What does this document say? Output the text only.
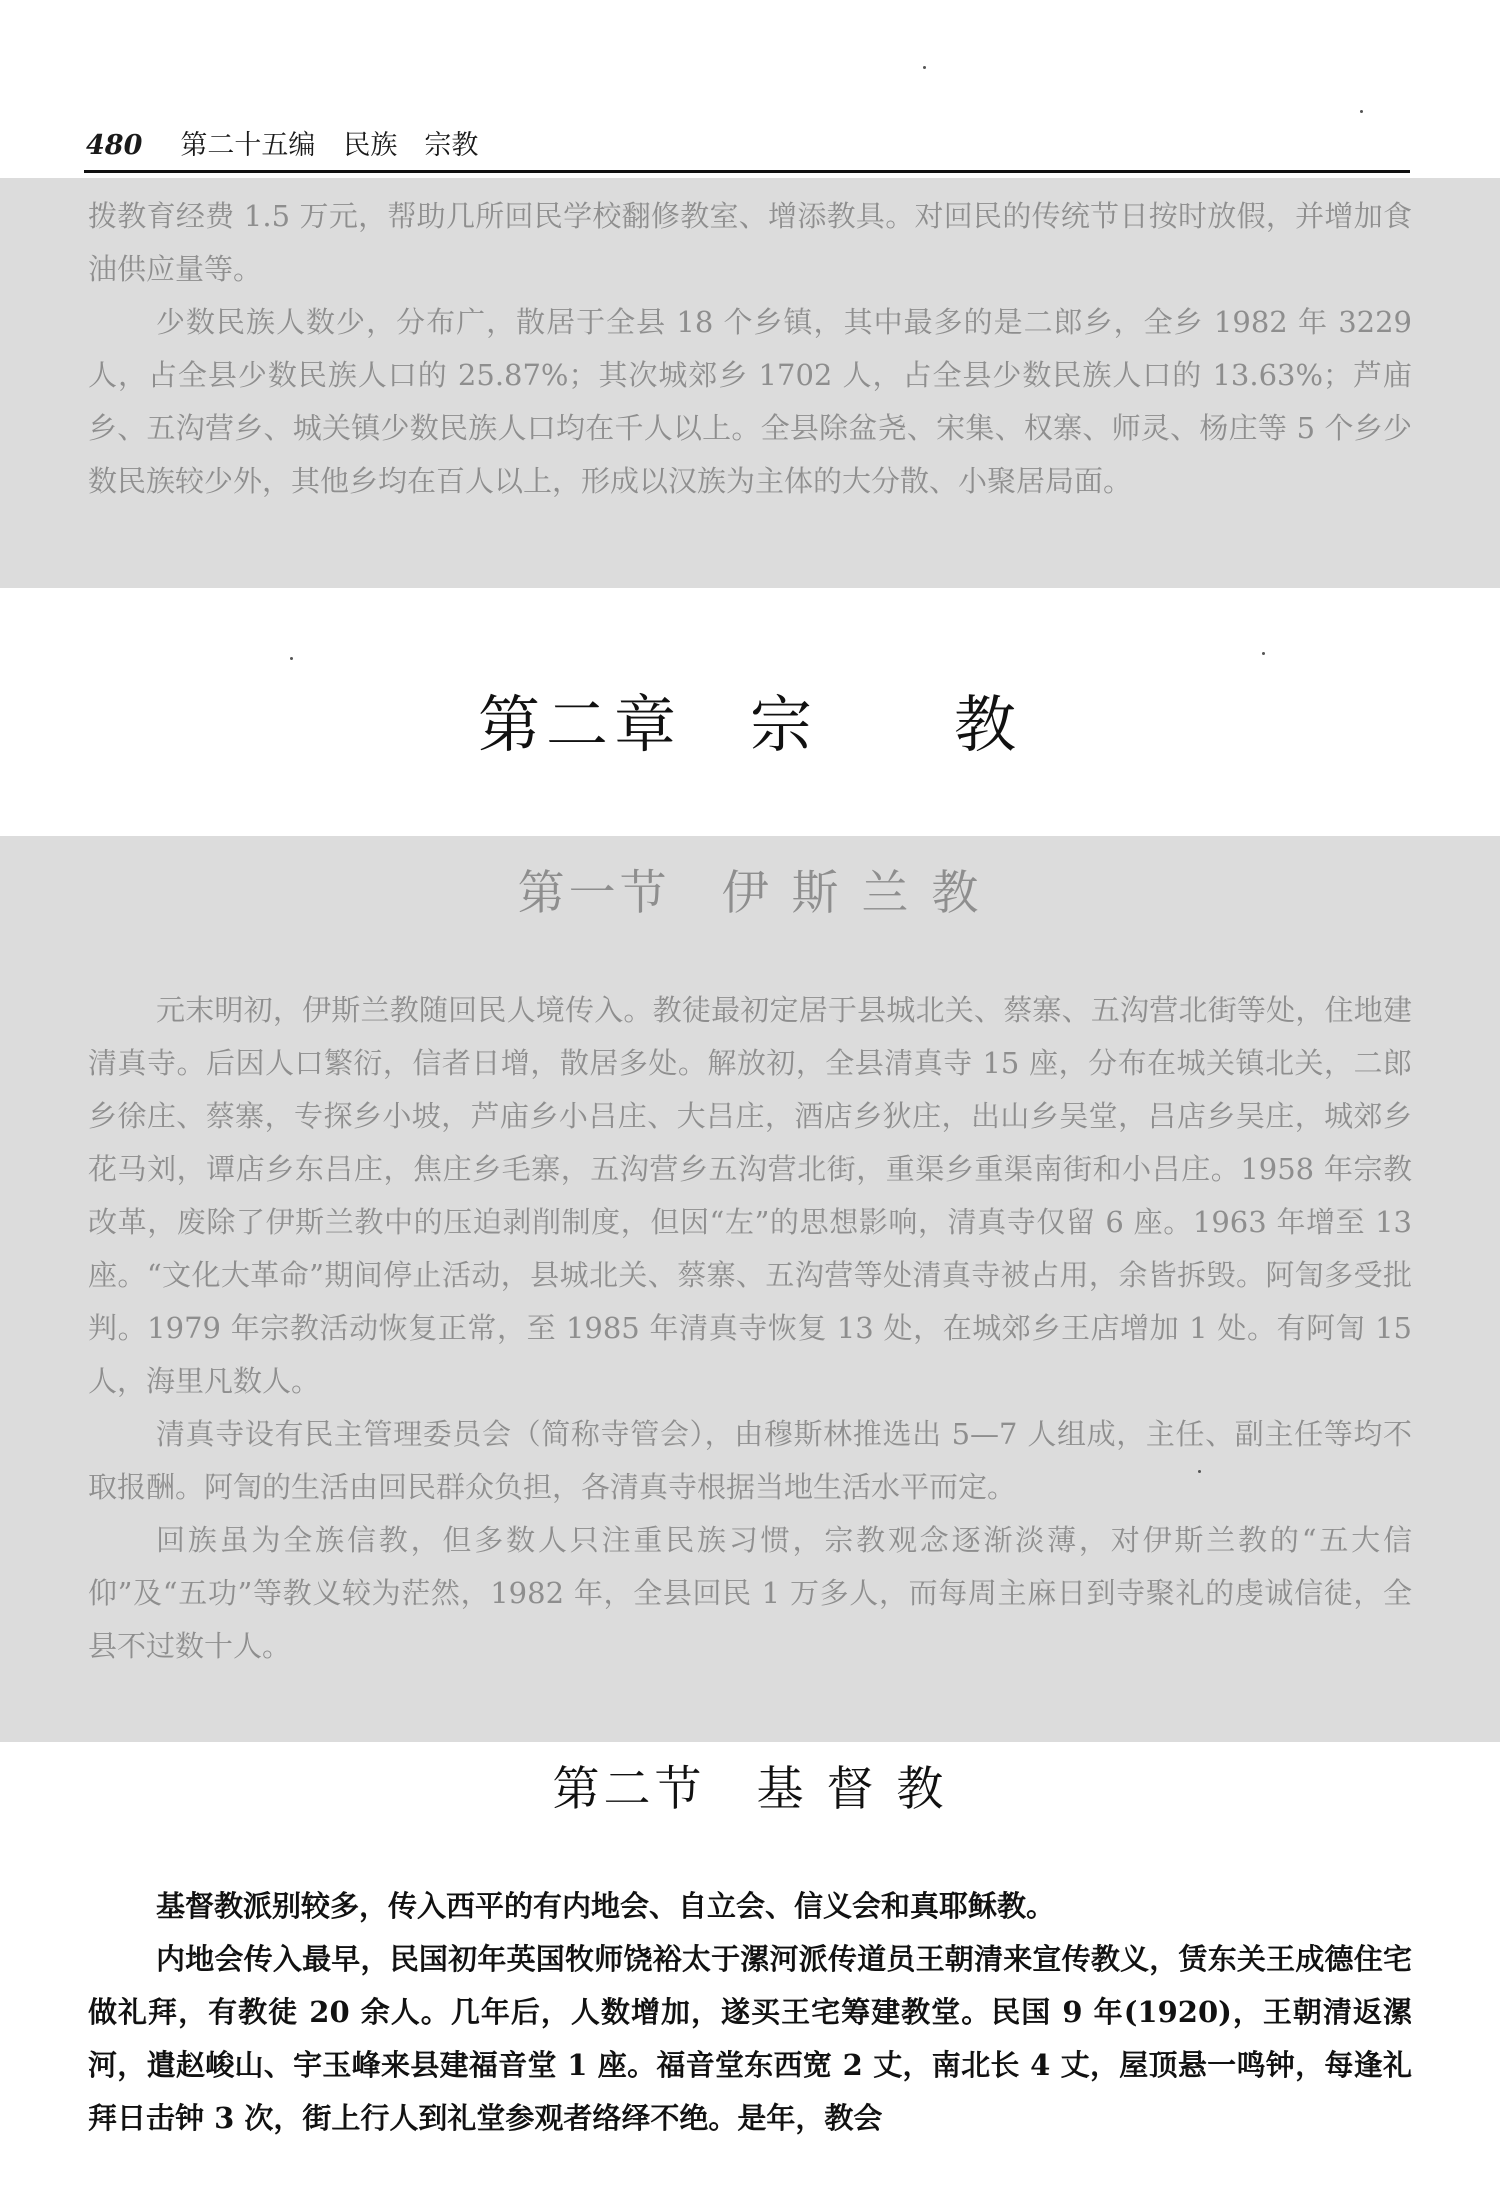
480 第二十五编 民族　宗教

拨教育经费 1.5 万元，帮助几所回民学校翻修教室、增添教具。对回民的传统节日按时放假，并增加食油供应量等。

少数民族人数少，分布广，散居于全县 18 个乡镇，其中最多的是二郎乡，全乡 1982 年 3229 人，占全县少数民族人口的 25.87%；其次城郊乡 1702 人，占全县少数民族人口的 13.63%；芦庙乡、五沟营乡、城关镇少数民族人口均在千人以上。全县除盆尧、宋集、权寨、师灵、杨庄等 5 个乡少数民族较少外，其他乡均在百人以上，形成以汉族为主体的大分散、小聚居局面。

第二章　宗　　教
第一节　伊 斯 兰 教

元末明初，伊斯兰教随回民人境传入。教徒最初定居于县城北关、蔡寨、五沟营北街等处，住地建清真寺。后因人口繁衍，信者日增，散居多处。解放初，全县清真寺 15 座，分布在城关镇北关，二郎乡徐庄、蔡寨，专探乡小坡，芦庙乡小吕庄、大吕庄，酒店乡狄庄，出山乡吴堂，吕店乡吴庄，城郊乡花马刘，谭店乡东吕庄，焦庄乡毛寨，五沟营乡五沟营北街，重渠乡重渠南街和小吕庄。1958 年宗教改革，废除了伊斯兰教中的压迫剥削制度，但因“左”的思想影响，清真寺仅留 6 座。1963 年增至 13 座。“文化大革命”期间停止活动，县城北关、蔡寨、五沟营等处清真寺被占用，余皆拆毁。阿訇多受批判。1979 年宗教活动恢复正常，至 1985 年清真寺恢复 13 处，在城郊乡王店增加 1 处。有阿訇 15 人，海里凡数人。

清真寺设有民主管理委员会（简称寺管会），由穆斯林推选出 5—7 人组成，主任、副主任等均不取报酬。阿訇的生活由回民群众负担，各清真寺根据当地生活水平而定。

回族虽为全族信教，但多数人只注重民族习惯，宗教观念逐渐淡薄，对伊斯兰教的“五大信仰”及“五功”等教义较为茫然，1982 年，全县回民 1 万多人，而每周主麻日到寺聚礼的虔诚信徒，全县不过数十人。

第二节　基 督 教

基督教派别较多，传入西平的有内地会、自立会、信义会和真耶稣教。

内地会传入最早，民国初年英国牧师饶裕太于漯河派传道员王朝清来宣传教义，赁东关王成德住宅做礼拜，有教徒 20 余人。几年后，人数增加，遂买王宅筹建教堂。民国 9 年(1920)，王朝清返漯河，遣赵峻山、宇玉峰来县建福音堂 1 座。福音堂东西宽 2 丈，南北长 4 丈，屋顶悬一鸣钟，每逢礼拜日击钟 3 次，街上行人到礼堂参观者络绎不绝。是年，教会
